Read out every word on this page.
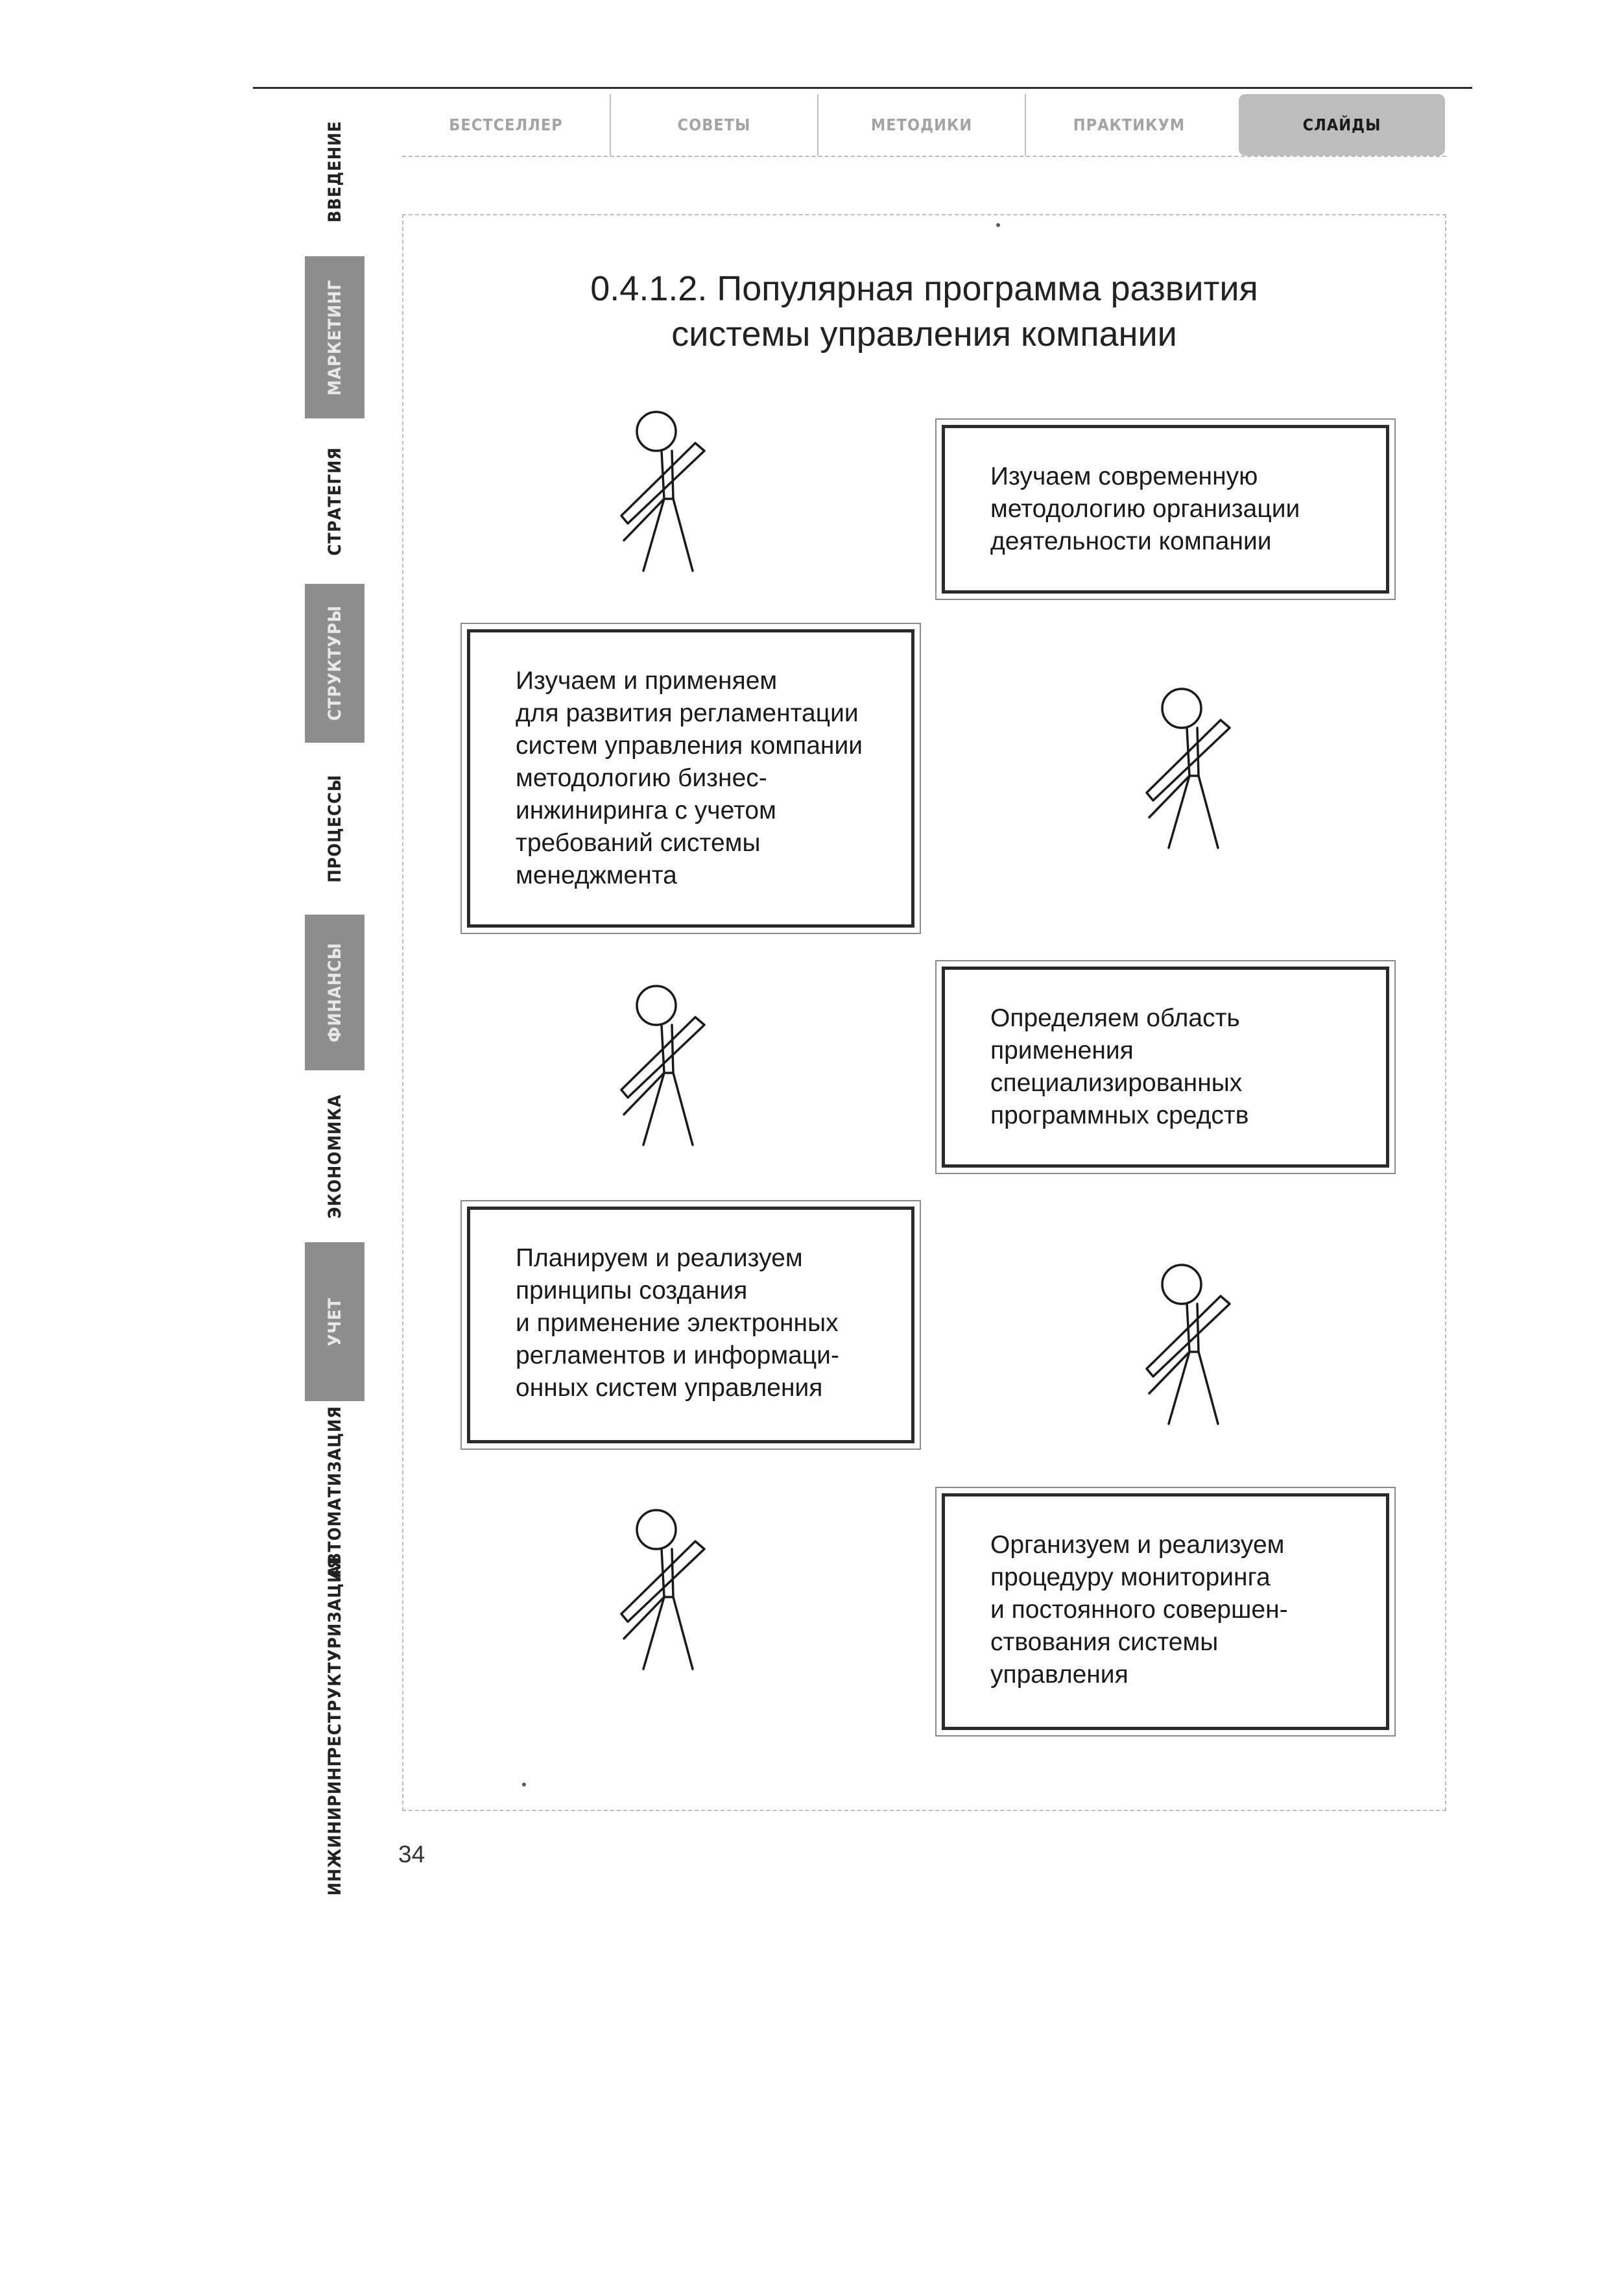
ВВЕДЕНИЕ
МАРКЕТИНГ
СТРАТЕГИЯ
СТРУКТУРЫ
ПРОЦЕССЫ
ФИНАНСЫ
ЭКОНОМИКА
УЧЕТ
АВТОМАТИЗАЦИЯ
РЕСТРУКТУРИЗАЦИЯ
ИНЖИНИРИНГ
БЕСТСЕЛЛЕР	СОВЕТЫ	МЕТОДИКИ	ПРАКТИКУМ	СЛАЙДЫ
0.4.1.2. Популярная программа развития
системы управления компании
Изучаем современную
методологию организации
деятельности компании
Изучаем и применяем
для развития регламентации
систем управления компании
методологию бизнес-
инжиниринга с учетом
требований системы
менеджмента
Определяем область
применения
специализированных
программных средств
Планируем и реализуем
принципы создания
и применение электронных
регламентов и информаци-
онных систем управления
Организуем и реализуем
процедуру мониторинга
и постоянного совершен-
ствования системы
управления
34
